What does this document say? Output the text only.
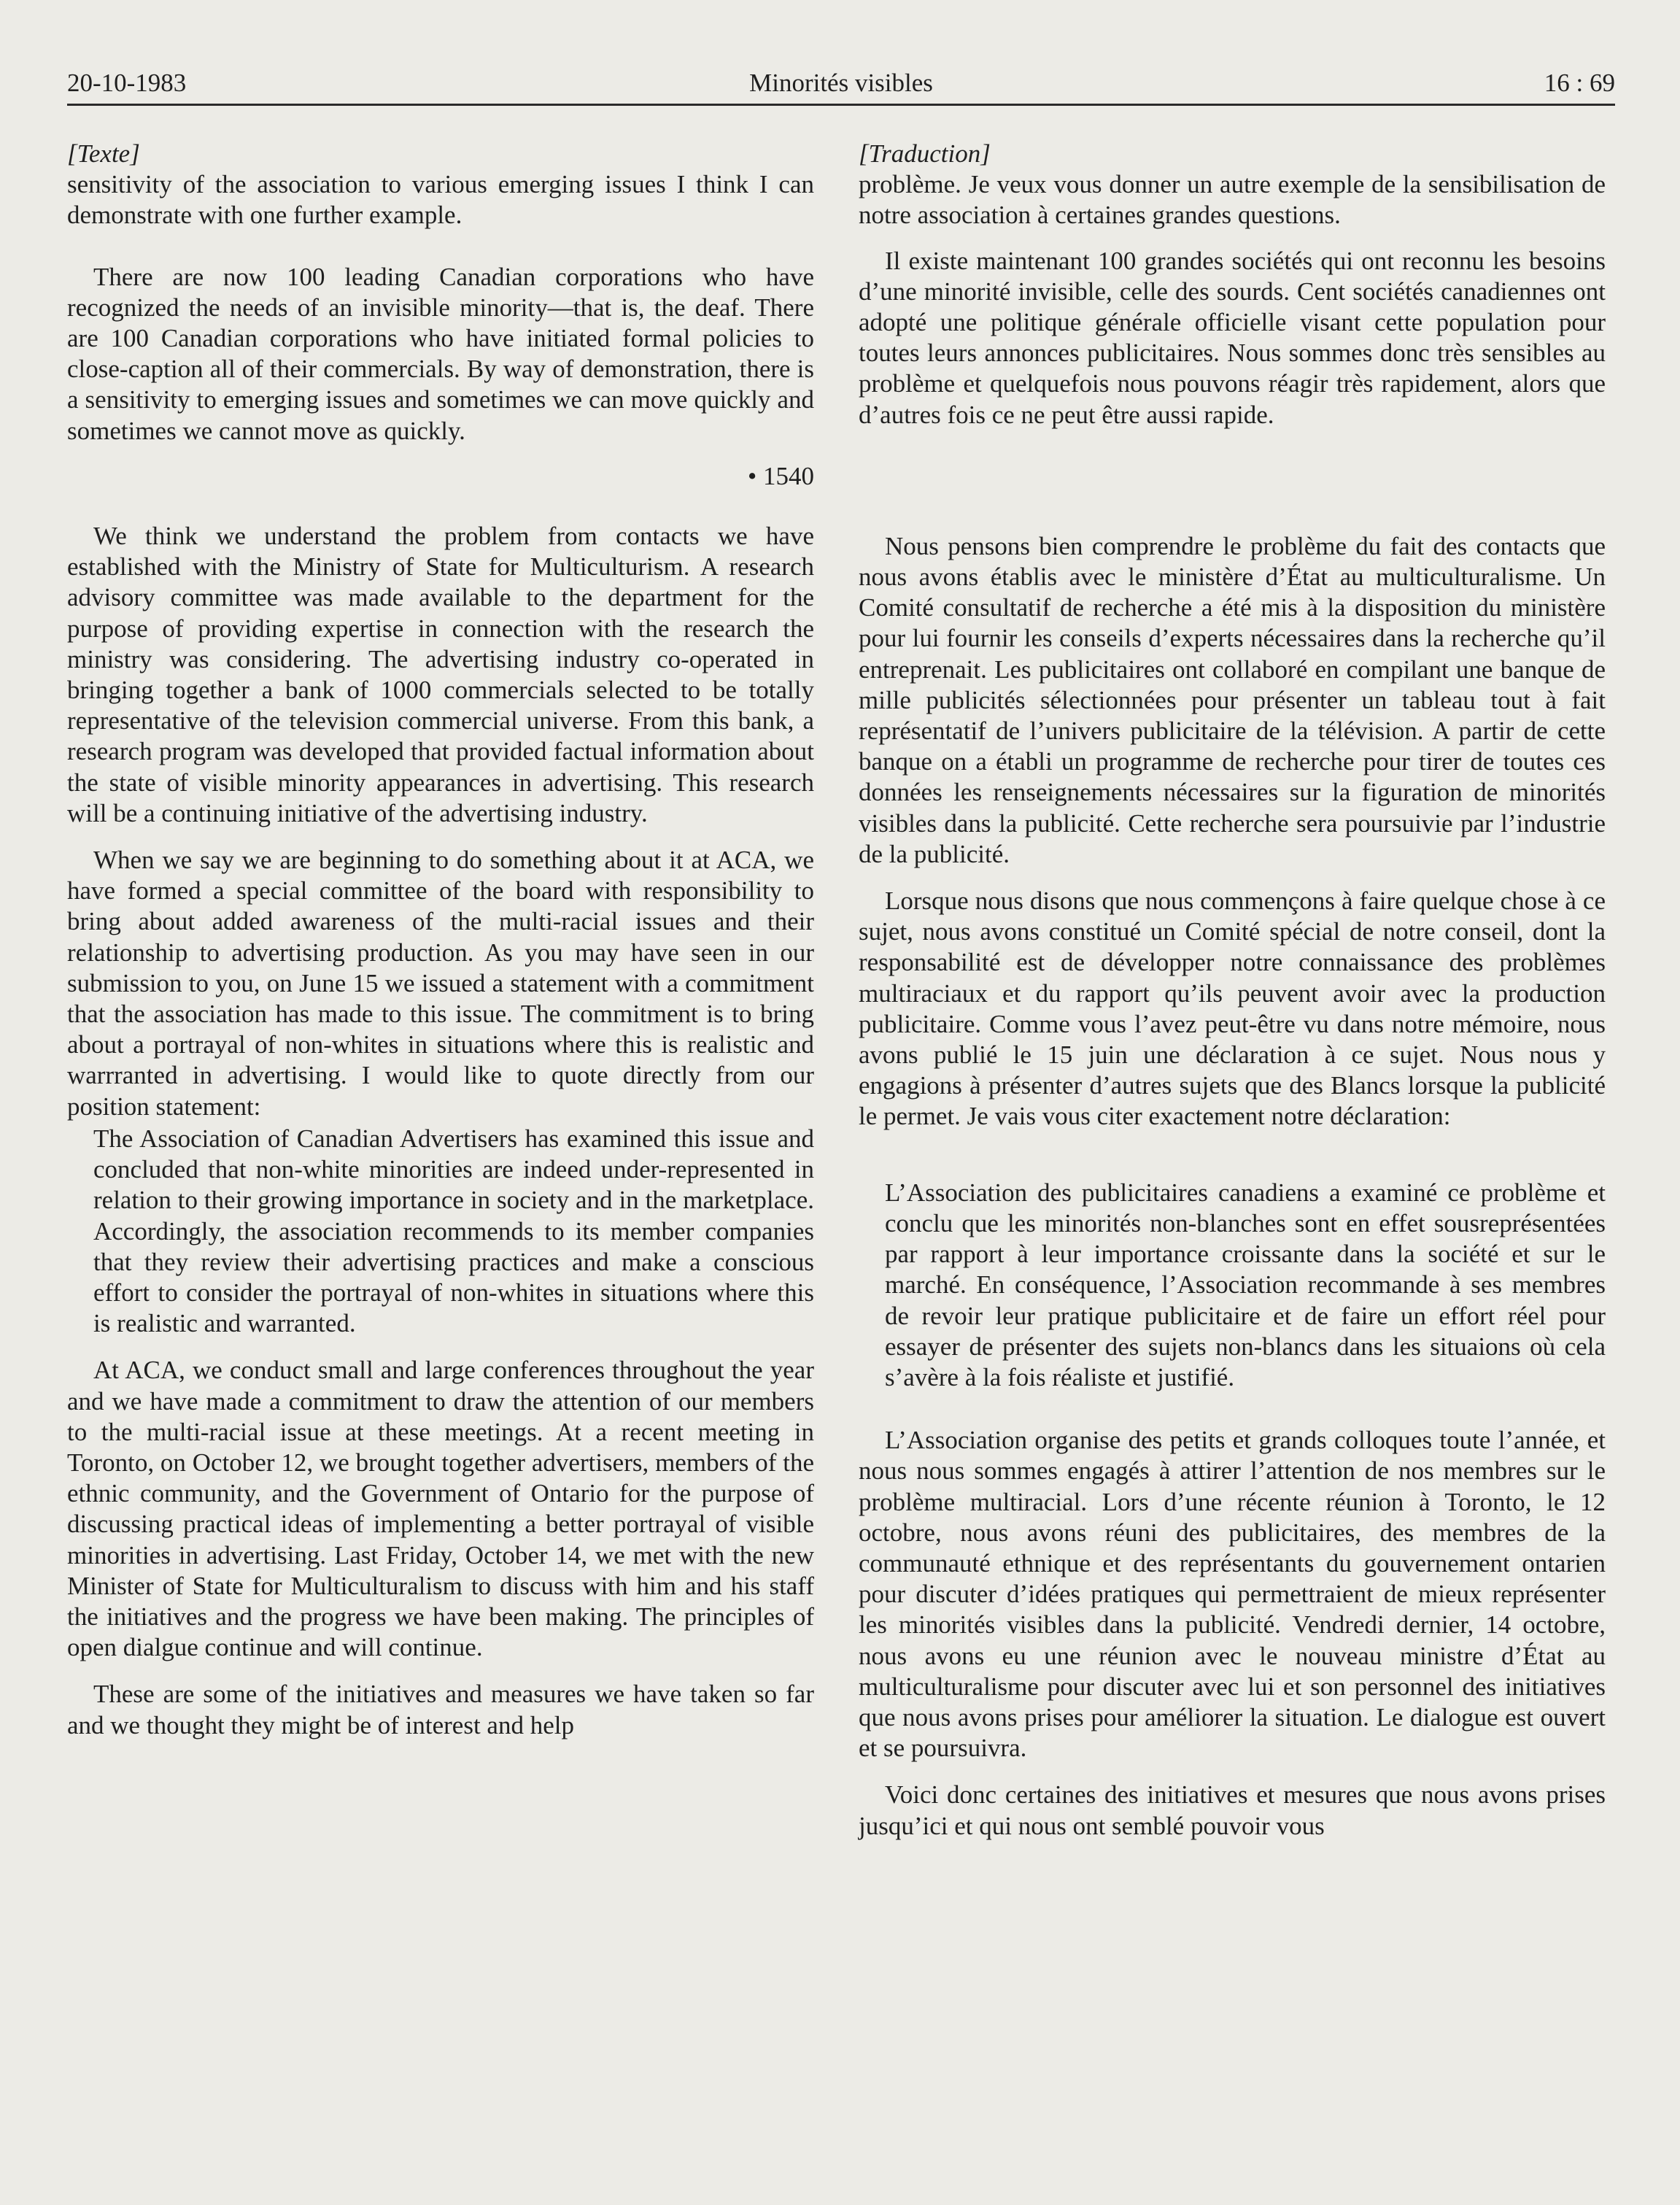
20-10-1983	Minorités visibles	16 : 69

[Texte]

sensitivity of the association to various emerging issues I think I can demonstrate with one further example.

There are now 100 leading Canadian corporations who have recognized the needs of an invisible minority—that is, the deaf. There are 100 Canadian corporations who have initiated formal policies to close-caption all of their commercials. By way of demonstration, there is a sensitivity to emerging issues and sometimes we can move quickly and sometimes we cannot move as quickly.

• 1540

We think we understand the problem from contacts we have established with the Ministry of State for Multiculturism. A research advisory committee was made available to the department for the purpose of providing expertise in connection with the research the ministry was considering. The advertising industry co-operated in bringing together a bank of 1000 commercials selected to be totally representative of the television commercial universe. From this bank, a research program was developed that provided factual information about the state of visible minority appearances in advertising. This research will be a continuing initiative of the advertising industry.

When we say we are beginning to do something about it at ACA, we have formed a special committee of the board with responsibility to bring about added awareness of the multi-racial issues and their relationship to advertising production. As you may have seen in our submission to you, on June 15 we issued a statement with a commitment that the association has made to this issue. The commitment is to bring about a portrayal of non-whites in situations where this is realistic and warrranted in advertising. I would like to quote directly from our position statement:

The Association of Canadian Advertisers has examined this issue and concluded that non-white minorities are indeed under-represented in relation to their growing importance in society and in the marketplace. Accordingly, the association recommends to its member companies that they review their advertising practices and make a conscious effort to consider the portrayal of non-whites in situations where this is realistic and warranted.

At ACA, we conduct small and large conferences throughout the year and we have made a commitment to draw the attention of our members to the multi-racial issue at these meetings. At a recent meeting in Toronto, on October 12, we brought together advertisers, members of the ethnic community, and the Government of Ontario for the purpose of discussing practical ideas of implementing a better portrayal of visible minorities in advertising. Last Friday, October 14, we met with the new Minister of State for Multiculturalism to discuss with him and his staff the initiatives and the progress we have been making. The principles of open dialgue continue and will continue.

These are some of the initiatives and measures we have taken so far and we thought they might be of interest and help

[Traduction]

problème. Je veux vous donner un autre exemple de la sensibilisation de notre association à certaines grandes questions.

Il existe maintenant 100 grandes sociétés qui ont reconnu les besoins d’une minorité invisible, celle des sourds. Cent sociétés canadiennes ont adopté une politique générale officielle visant cette population pour toutes leurs annonces publicitaires. Nous sommes donc très sensibles au problème et quelquefois nous pouvons réagir très rapidement, alors que d’autres fois ce ne peut être aussi rapide.

Nous pensons bien comprendre le problème du fait des contacts que nous avons établis avec le ministère d’État au multiculturalisme. Un Comité consultatif de recherche a été mis à la disposition du ministère pour lui fournir les conseils d’experts nécessaires dans la recherche qu’il entreprenait. Les publicitaires ont collaboré en compilant une banque de mille publicités sélectionnées pour présenter un tableau tout à fait représentatif de l’univers publicitaire de la télévision. A partir de cette banque on a établi un programme de recherche pour tirer de toutes ces données les renseignements nécessaires sur la figuration de minorités visibles dans la publicité. Cette recherche sera poursuivie par l’industrie de la publicité.

Lorsque nous disons que nous commençons à faire quelque chose à ce sujet, nous avons constitué un Comité spécial de notre conseil, dont la responsabilité est de développer notre connaissance des problèmes multiraciaux et du rapport qu’ils peuvent avoir avec la production publicitaire. Comme vous l’avez peut-être vu dans notre mémoire, nous avons publié le 15 juin une déclaration à ce sujet. Nous nous y engagions à présenter d’autres sujets que des Blancs lorsque la publicité le permet. Je vais vous citer exactement notre déclaration:

L’Association des publicitaires canadiens a examiné ce problème et conclu que les minorités non-blanches sont en effet sousreprésentées par rapport à leur importance croissante dans la société et sur le marché. En conséquence, l’Association recommande à ses membres de revoir leur pratique publicitaire et de faire un effort réel pour essayer de présenter des sujets non-blancs dans les situaions où cela s’avère à la fois réaliste et justifié.

L’Association organise des petits et grands colloques toute l’année, et nous nous sommes engagés à attirer l’attention de nos membres sur le problème multiracial. Lors d’une récente réunion à Toronto, le 12 octobre, nous avons réuni des publicitaires, des membres de la communauté ethnique et des représentants du gouvernement ontarien pour discuter d’idées pratiques qui permettraient de mieux représenter les minorités visibles dans la publicité. Vendredi dernier, 14 octobre, nous avons eu une réunion avec le nouveau ministre d’État au multiculturalisme pour discuter avec lui et son personnel des initiatives que nous avons prises pour améliorer la situation. Le dialogue est ouvert et se poursuivra.

Voici donc certaines des initiatives et mesures que nous avons prises jusqu’ici et qui nous ont semblé pouvoir vous
